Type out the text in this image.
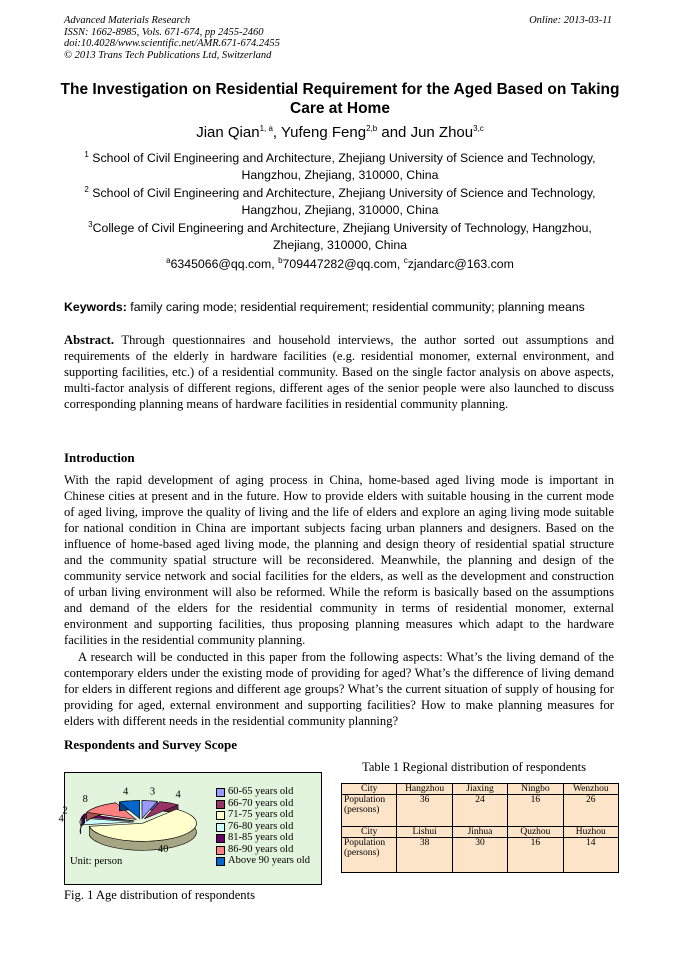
Advanced Materials Research
ISSN: 1662-8985, Vols. 671-674, pp 2455-2460
doi:10.4028/www.scientific.net/AMR.671-674.2455
© 2013 Trans Tech Publications Ltd, Switzerland
Online: 2013-03-11
The Investigation on Residential Requirement for the Aged Based on Taking Care at Home
Jian Qian$^{1, a}$, Yufeng Feng$^{2,b}$ and Jun Zhou$^{3,c}$
$^1$ School of Civil Engineering and Architecture, Zhejiang University of Science and Technology,
Hangzhou, Zhejiang, 310000, China
$^2$ School of Civil Engineering and Architecture, Zhejiang University of Science and Technology,
Hangzhou, Zhejiang, 310000, China
$^3$College of Civil Engineering and Architecture, Zhejiang University of Technology, Hangzhou,
Zhejiang, 310000, China
$^a$6345066@qq.com, $^b$709447282@qq.com, $^c$zjandarc@163.com
Keywords: family caring mode; residential requirement; residential community; planning means
Abstract. Through questionnaires and household interviews, the author sorted out assumptions and requirements of the elderly in hardware facilities (e.g. residential monomer, external environment, and supporting facilities, etc.) of a residential community. Based on the single factor analysis on above aspects, multi-factor analysis of different regions, different ages of the senior people were also launched to discuss corresponding planning means of hardware facilities in residential community planning.
Introduction
With the rapid development of aging process in China, home-based aged living mode is important in Chinese cities at present and in the future. How to provide elders with suitable housing in the current mode of aged living, improve the quality of living and the life of elders and explore an aging living mode suitable for national condition in China are important subjects facing urban planners and designers. Based on the influence of home-based aged living mode, the planning and design theory of residential spatial structure and the community spatial structure will be reconsidered. Meanwhile, the planning and design of the community service network and social facilities for the elders, as well as the development and construction of urban living environment will also be reformed. While the reform is basically based on the assumptions and demand of the elders for the residential community in terms of residential monomer, external environment and supporting facilities, thus proposing planning measures which adapt to the hardware facilities in the residential community planning.
A research will be conducted in this paper from the following aspects: What’s the living demand of the contemporary elders under the existing mode of providing for aged? What’s the difference of living demand for elders in different regions and different age groups? What’s the current situation of supply of housing for providing for aged, external environment and supporting facilities? How to make planning measures for elders with different needs in the residential community planning?
Respondents and Survey Scope
3 4
40
4
2
8
4
Unit: person
60-65 years old
66-70 years old
71-75 years old
76-80 years old
81-85 years old
86-90 years old
Above 90 years old
Fig. 1 Age distribution of respondents
Table 1 Regional distribution of respondents
City	Hangzhou	Jiaxing	Ningbo	Wenzhou

Population
(persons)	36	24	16	26
City	Lishui	Jinhua	Quzhou	Huzhou

Population
(persons)	38	30	16	14
